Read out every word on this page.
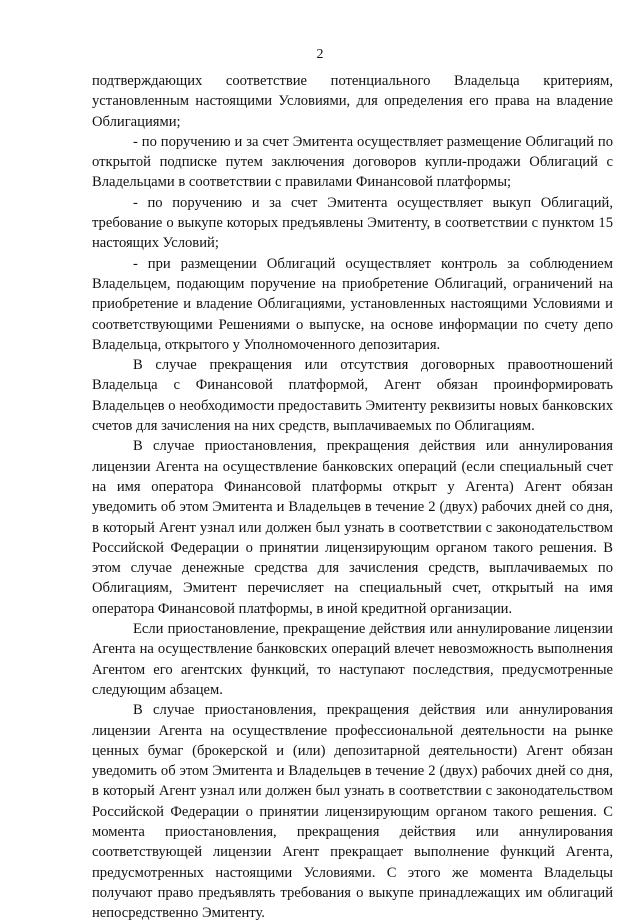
2

подтверждающих соответствие потенциального Владельца критериям, установленным настоящими Условиями, для определения его права на владение Облигациями;

- по поручению и за счет Эмитента осуществляет размещение Облигаций по открытой подписке путем заключения договоров купли-продажи Облигаций с Владельцами в соответствии с правилами Финансовой платформы;

- по поручению и за счет Эмитента осуществляет выкуп Облигаций, требование о выкупе которых предъявлены Эмитенту, в соответствии с пунктом 15 настоящих Условий;

- при размещении Облигаций осуществляет контроль за соблюдением Владельцем, подающим поручение на приобретение Облигаций, ограничений на приобретение и владение Облигациями, установленных настоящими Условиями и соответствующими Решениями о выпуске, на основе информации по счету депо Владельца, открытого у Уполномоченного депозитария.

В случае прекращения или отсутствия договорных правоотношений Владельца с Финансовой платформой, Агент обязан проинформировать Владельцев о необходимости предоставить Эмитенту реквизиты новых банковских счетов для зачисления на них средств, выплачиваемых по Облигациям.

В случае приостановления, прекращения действия или аннулирования лицензии Агента на осуществление банковских операций (если специальный счет на имя оператора Финансовой платформы открыт у Агента) Агент обязан уведомить об этом Эмитента и Владельцев в течение 2 (двух) рабочих дней со дня, в который Агент узнал или должен был узнать в соответствии с законодательством Российской Федерации о принятии лицензирующим органом такого решения. В этом случае денежные средства для зачисления средств, выплачиваемых по Облигациям, Эмитент перечисляет на специальный счет, открытый на имя оператора Финансовой платформы, в иной кредитной организации.

Если приостановление, прекращение действия или аннулирование лицензии Агента на осуществление банковских операций влечет невозможность выполнения Агентом его агентских функций, то наступают последствия, предусмотренные следующим абзацем.

В случае приостановления, прекращения действия или аннулирования лицензии Агента на осуществление профессиональной деятельности на рынке ценных бумаг (брокерской и (или) депозитарной деятельности) Агент обязан уведомить об этом Эмитента и Владельцев в течение 2 (двух) рабочих дней со дня, в который Агент узнал или должен был узнать в соответствии с законодательством Российской Федерации о принятии лицензирующим органом такого решения. С момента приостановления, прекращения действия или аннулирования соответствующей лицензии Агент прекращает выполнение функций Агента, предусмотренных настоящими Условиями. С этого же момента Владельцы получают право предъявлять требования о выкупе принадлежащих им облигаций непосредственно Эмитенту.
